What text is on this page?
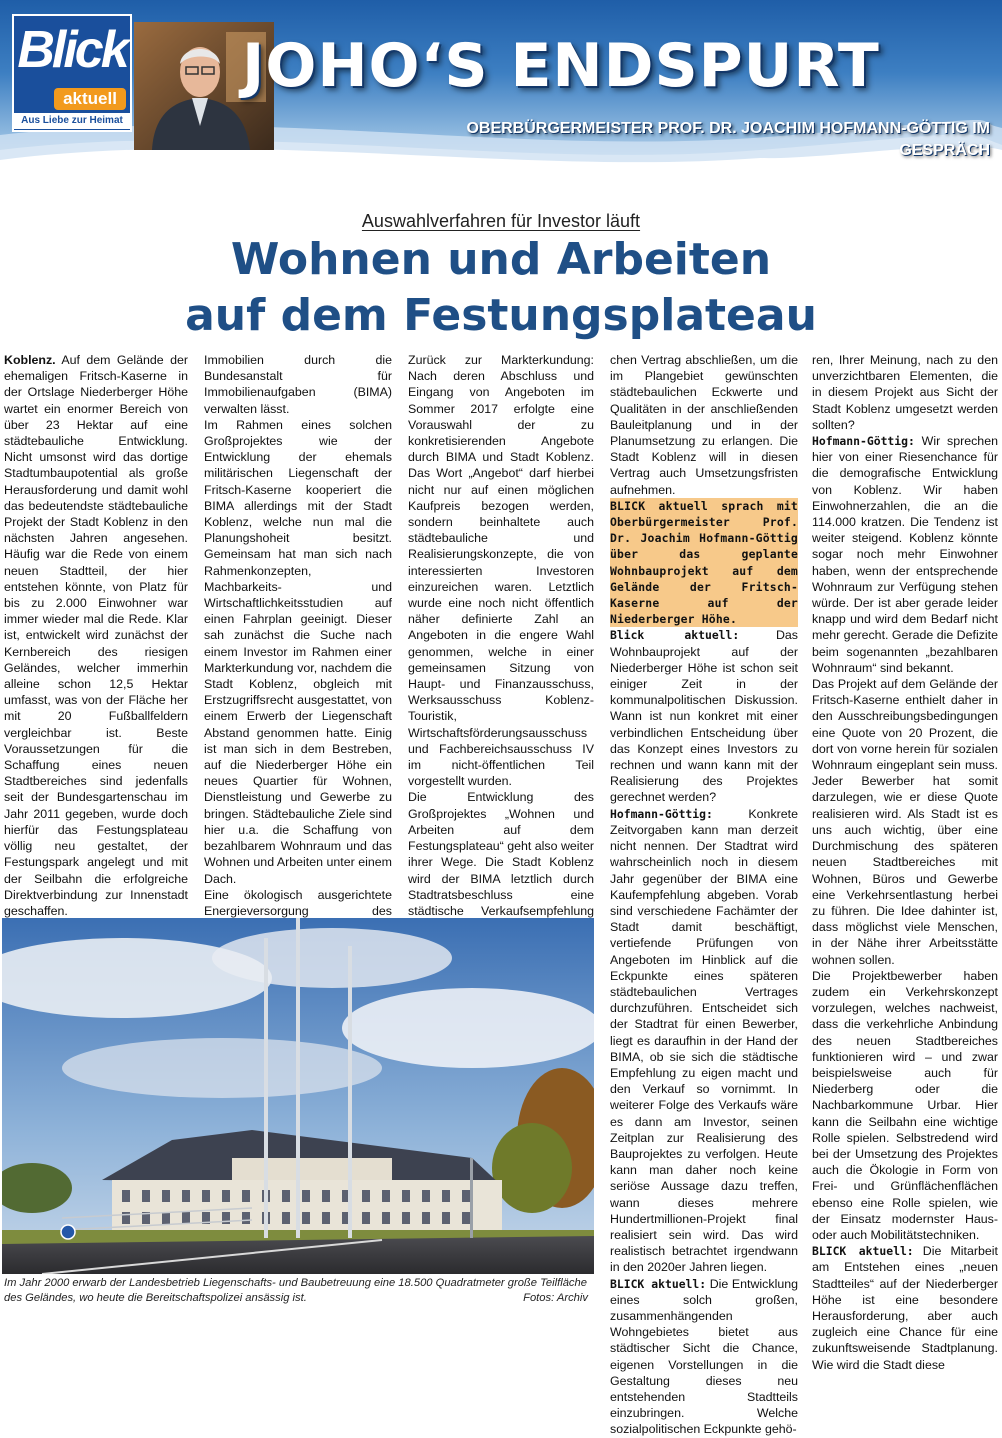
Blick
aktuell
Aus Liebe zur Heimat
JOHO‘S ENDSPURT
OBERBÜRGERMEISTER PROF. DR. JOACHIM HOFMANN-GÖTTIG IM GESPRÄCH
Auswahlverfahren für Investor läuft
Wohnen und Arbeiten
auf dem Festungsplateau

Koblenz. Auf dem Gelände der ehemaligen Fritsch-Kaserne in der Ortslage Niederberger Höhe wartet ein enormer Bereich von über 23 Hektar auf eine städtebauliche Entwicklung. Nicht umsonst wird das dortige Stadtumbaupotential als große Herausforderung und damit wohl das bedeutendste städtebauliche Projekt der Stadt Koblenz in den nächsten Jahren angesehen. Häufig war die Rede von einem neuen Stadtteil, der hier entstehen könnte, von Platz für bis zu 2.000 Einwohner war immer wieder mal die Rede. Klar ist, entwickelt wird zunächst der Kernbereich des riesigen Geländes, welcher immerhin alleine schon 12,5 Hektar umfasst, was von der Fläche her mit 20 Fußballfeldern vergleichbar ist. Beste Voraussetzungen für die Schaffung eines neuen Stadtbereiches sind jedenfalls seit der Bundesgartenschau im Jahr 2011 gegeben, wurde doch hierfür das Festungsplateau völlig neu gestaltet, der Festungspark angelegt und mit der Seilbahn die erfolgreiche Direktverbindung zur Innenstadt geschaffen.

Immobilien durch die Bundesanstalt für Immobilienaufgaben (BIMA) verwalten lässt.

Im Rahmen eines solchen Großprojektes wie der Entwicklung der ehemals militärischen Liegenschaft der Fritsch-Kaserne kooperiert die BIMA allerdings mit der Stadt Koblenz, welche nun mal die Planungshoheit besitzt. Gemeinsam hat man sich nach Rahmenkonzepten, Machbarkeits- und Wirtschaftlichkeitsstudien auf einen Fahrplan geeinigt. Dieser sah zunächst die Suche nach einem Investor im Rahmen einer Markterkundung vor, nachdem die Stadt Koblenz, obgleich mit Erstzugriffsrecht ausgestattet, von einem Erwerb der Liegenschaft Abstand genommen hatte. Einig ist man sich in dem Bestreben, auf die Niederberger Höhe ein neues Quartier für Wohnen, Dienstleistung und Gewerbe zu bringen. Städtebauliche Ziele sind hier u.a. die Schaffung von bezahlbarem Wohnraum und das Wohnen und Arbeiten unter einem Dach.

Eine ökologisch ausgerichtete Energieversorgung des

Zurück zur Markterkundung: Nach deren Abschluss und Eingang von Angeboten im Sommer 2017 erfolgte eine Vorauswahl der zu konkretisierenden Angebote durch BIMA und Stadt Koblenz. Das Wort „Angebot“ darf hierbei nicht nur auf einen möglichen Kaufpreis bezogen werden, sondern beinhaltete auch städtebauliche und Realisierungskonzepte, die von interessierten Investoren einzureichen waren. Letztlich wurde eine noch nicht öffentlich näher definierte Zahl an Angeboten in die engere Wahl genommen, welche in einer gemeinsamen Sitzung von Haupt- und Finanzausschuss, Werksausschuss Koblenz-Touristik, Wirtschaftsförderungsausschuss und Fachbereichsausschuss IV im nicht-öffentlichen Teil vorgestellt wurden.

Die Entwicklung des Großprojektes „Wohnen und Arbeiten auf dem Festungsplateau“ geht also weiter ihrer Wege. Die Stadt Koblenz wird der BIMA letztlich durch Stadtratsbeschluss eine städtische Verkaufsempfehlung

chen Vertrag abschließen, um die im Plangebiet gewünschten städtebaulichen Eckwerte und Qualitäten in der anschließenden Bauleitplanung und in der Planumsetzung zu erlangen. Die Stadt Koblenz will in diesen Vertrag auch Umsetzungsfristen aufnehmen.

BLICK aktuell sprach mit Oberbürgermeister Prof. Dr. Joachim Hofmann-Göttig über das geplante Wohnbauprojekt auf dem Gelände der Fritsch-Kaserne auf der Niederberger Höhe.

Blick aktuell:	Das Wohnbauprojekt auf der Niederberger Höhe ist schon seit einiger Zeit in der kommunalpolitischen Diskussion. Wann ist nun konkret mit einer verbindlichen Entscheidung über das Konzept eines Investors zu rechnen und wann kann mit der Realisierung des Projektes gerechnet werden?

Hofmann-Göttig:	Konkrete Zeitvorgaben kann man derzeit nicht nennen. Der Stadtrat wird wahrscheinlich noch in diesem Jahr gegenüber der BIMA eine Kaufempfehlung abgeben. Vorab sind verschiedene Fachämter der Stadt damit beschäftigt, vertiefende Prüfungen von Angeboten im Hinblick auf die Eckpunkte eines späteren städtebaulichen Vertrages durchzuführen. Entscheidet sich der Stadtrat für einen Bewerber, liegt es daraufhin in der Hand der BIMA, ob sie sich die städtische Empfehlung zu eigen macht und den Verkauf so vornimmt. In weiterer Folge des Verkaufs wäre es dann am Investor, seinen Zeitplan zur Realisierung des Bauprojektes zu verfolgen. Heute kann man daher noch keine seriöse Aussage dazu treffen, wann dieses mehrere Hundertmillionen-Projekt final realisiert sein wird. Das wird realistisch betrachtet irgendwann in den 2020er Jahren liegen.

BLICK aktuell: Die Entwicklung eines solch großen, zusammenhängenden Wohngebietes bietet aus städtischer Sicht die Chance, eigenen Vorstellungen in die Gestaltung dieses neu entstehenden Stadtteils einzubringen. Welche sozialpolitischen Eckpunkte gehö-

ren, Ihrer Meinung, nach zu den unverzichtbaren Elementen, die in diesem Projekt aus Sicht der Stadt Koblenz umgesetzt werden sollten?

Hofmann-Göttig: Wir sprechen hier von einer Riesenchance für die demografische Entwicklung von Koblenz. Wir haben Einwohnerzahlen, die an die 114.000 kratzen. Die Tendenz ist weiter steigend. Koblenz könnte sogar noch mehr Einwohner haben, wenn der entsprechende Wohnraum zur Verfügung stehen würde. Der ist aber gerade leider knapp und wird dem Bedarf nicht mehr gerecht. Gerade die Defizite beim sogenannten „bezahlbaren Wohnraum“ sind bekannt.

Das Projekt auf dem Gelände der Fritsch-Kaserne enthielt daher in den Ausschreibungsbedingungen eine Quote von 20 Prozent, die dort von vorne herein für sozialen Wohnraum eingeplant sein muss. Jeder Bewerber hat somit darzulegen, wie er diese Quote realisieren wird. Als Stadt ist es uns auch wichtig, über eine Durchmischung des späteren neuen Stadtbereiches mit Wohnen, Büros und Gewerbe eine Verkehrsentlastung herbei zu führen. Die Idee dahinter ist, dass möglichst viele Menschen, in der Nähe ihrer Arbeitsstätte wohnen sollen.

Die Projektbewerber haben zudem ein Verkehrskonzept vorzulegen, welches nachweist, dass die verkehrliche Anbindung des neuen Stadtbereiches funktionieren wird – und zwar beispielsweise auch für Niederberg oder die Nachbarkommune Urbar. Hier kann die Seilbahn eine wichtige Rolle spielen. Selbstredend wird bei der Umsetzung des Projektes auch die Ökologie in Form von Frei- und Grünflächenflächen ebenso eine Rolle spielen, wie der Einsatz modernster Haus- oder auch Mobilitätstechniken.

BLICK aktuell: Die Mitarbeit am Entstehen eines „neuen Stadtteiles“ auf der Niederberger Höhe ist eine besondere Herausforderung, aber auch zugleich eine Chance für eine zukunftsweisende Stadtplanung. Wie wird die Stadt diese

Im Jahr 2000 erwarb der Landesbetrieb Liegenschafts- und Baubetreuung eine 18.500 Quadratmeter große Teilfläche des Geländes, wo heute die Bereitschaftspolizei ansässig ist.	Fotos: Archiv
